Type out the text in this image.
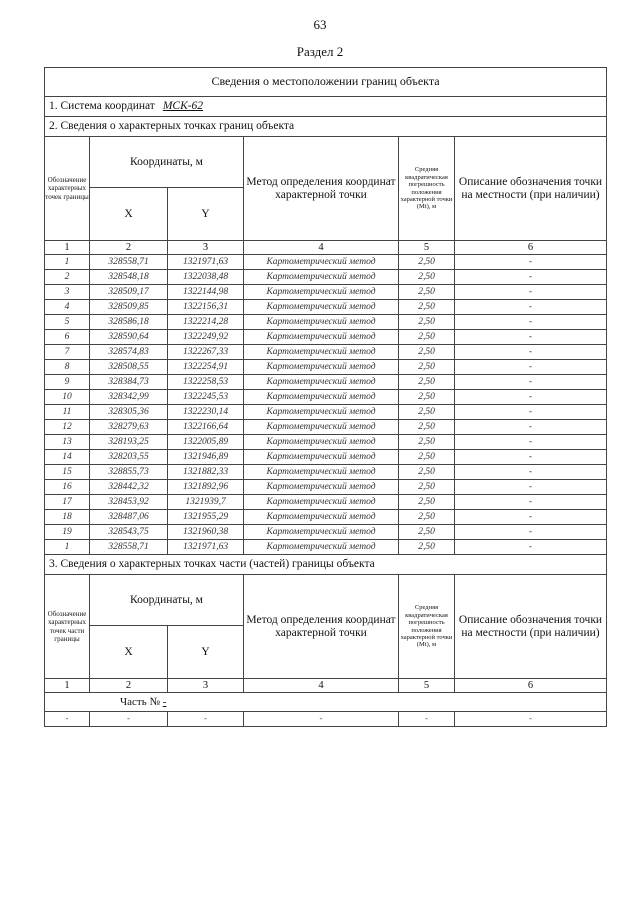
63
Раздел 2
Сведения о местоположении границ объекта					
1. Система координат МСК-62					
2. Сведения о характерных точках границ объекта					
Обозначение характерных точек границы	Координаты, м		Метод определения координат характерной точки	Средняя квадратическая погрешность положения характерной точки (Mt), м	Описание обозначения точки на местности (при наличии)
	X	Y			
1	2	3	4	5	6
1	328558,71	1321971,63	Картометрический метод	2,50	-
2	328548,18	1322038,48	Картометрический метод	2,50	-
3	328509,17	1322144,98	Картометрический метод	2,50	-
4	328509,85	1322156,31	Картометрический метод	2,50	-
5	328586,18	1322214,28	Картометрический метод	2,50	-
6	328590,64	1322249,92	Картометрический метод	2,50	-
7	328574,83	1322267,33	Картометрический метод	2,50	-
8	328508,55	1322254,91	Картометрический метод	2,50	-
9	328384,73	1322258,53	Картометрический метод	2,50	-
10	328342,99	1322245,53	Картометрический метод	2,50	-
11	328305,36	1322230,14	Картометрический метод	2,50	-
12	328279,63	1322166,64	Картометрический метод	2,50	-
13	328193,25	1322005,89	Картометрический метод	2,50	-
14	328203,55	1321946,89	Картометрический метод	2,50	-
15	328855,73	1321882,33	Картометрический метод	2,50	-
16	328442,32	1321892,96	Картометрический метод	2,50	-
17	328453,92	1321939,7	Картометрический метод	2,50	-
18	328487,06	1321955,29	Картометрический метод	2,50	-
19	328543,75	1321960,38	Картометрический метод	2,50	-
1	328558,71	1321971,63	Картометрический метод	2,50	-
3. Сведения о характерных точках части (частей) границы объекта					
Обозначение характерных точек части границы	Координаты, м		Метод определения координат характерной точки	Средняя квадратическая погрешность положения характерной точки (Mt), м	Описание обозначения точки на местности (при наличии)
	X	Y			
1	2	3	4	5	6
Часть № -					
-	-	-	-	-	-
